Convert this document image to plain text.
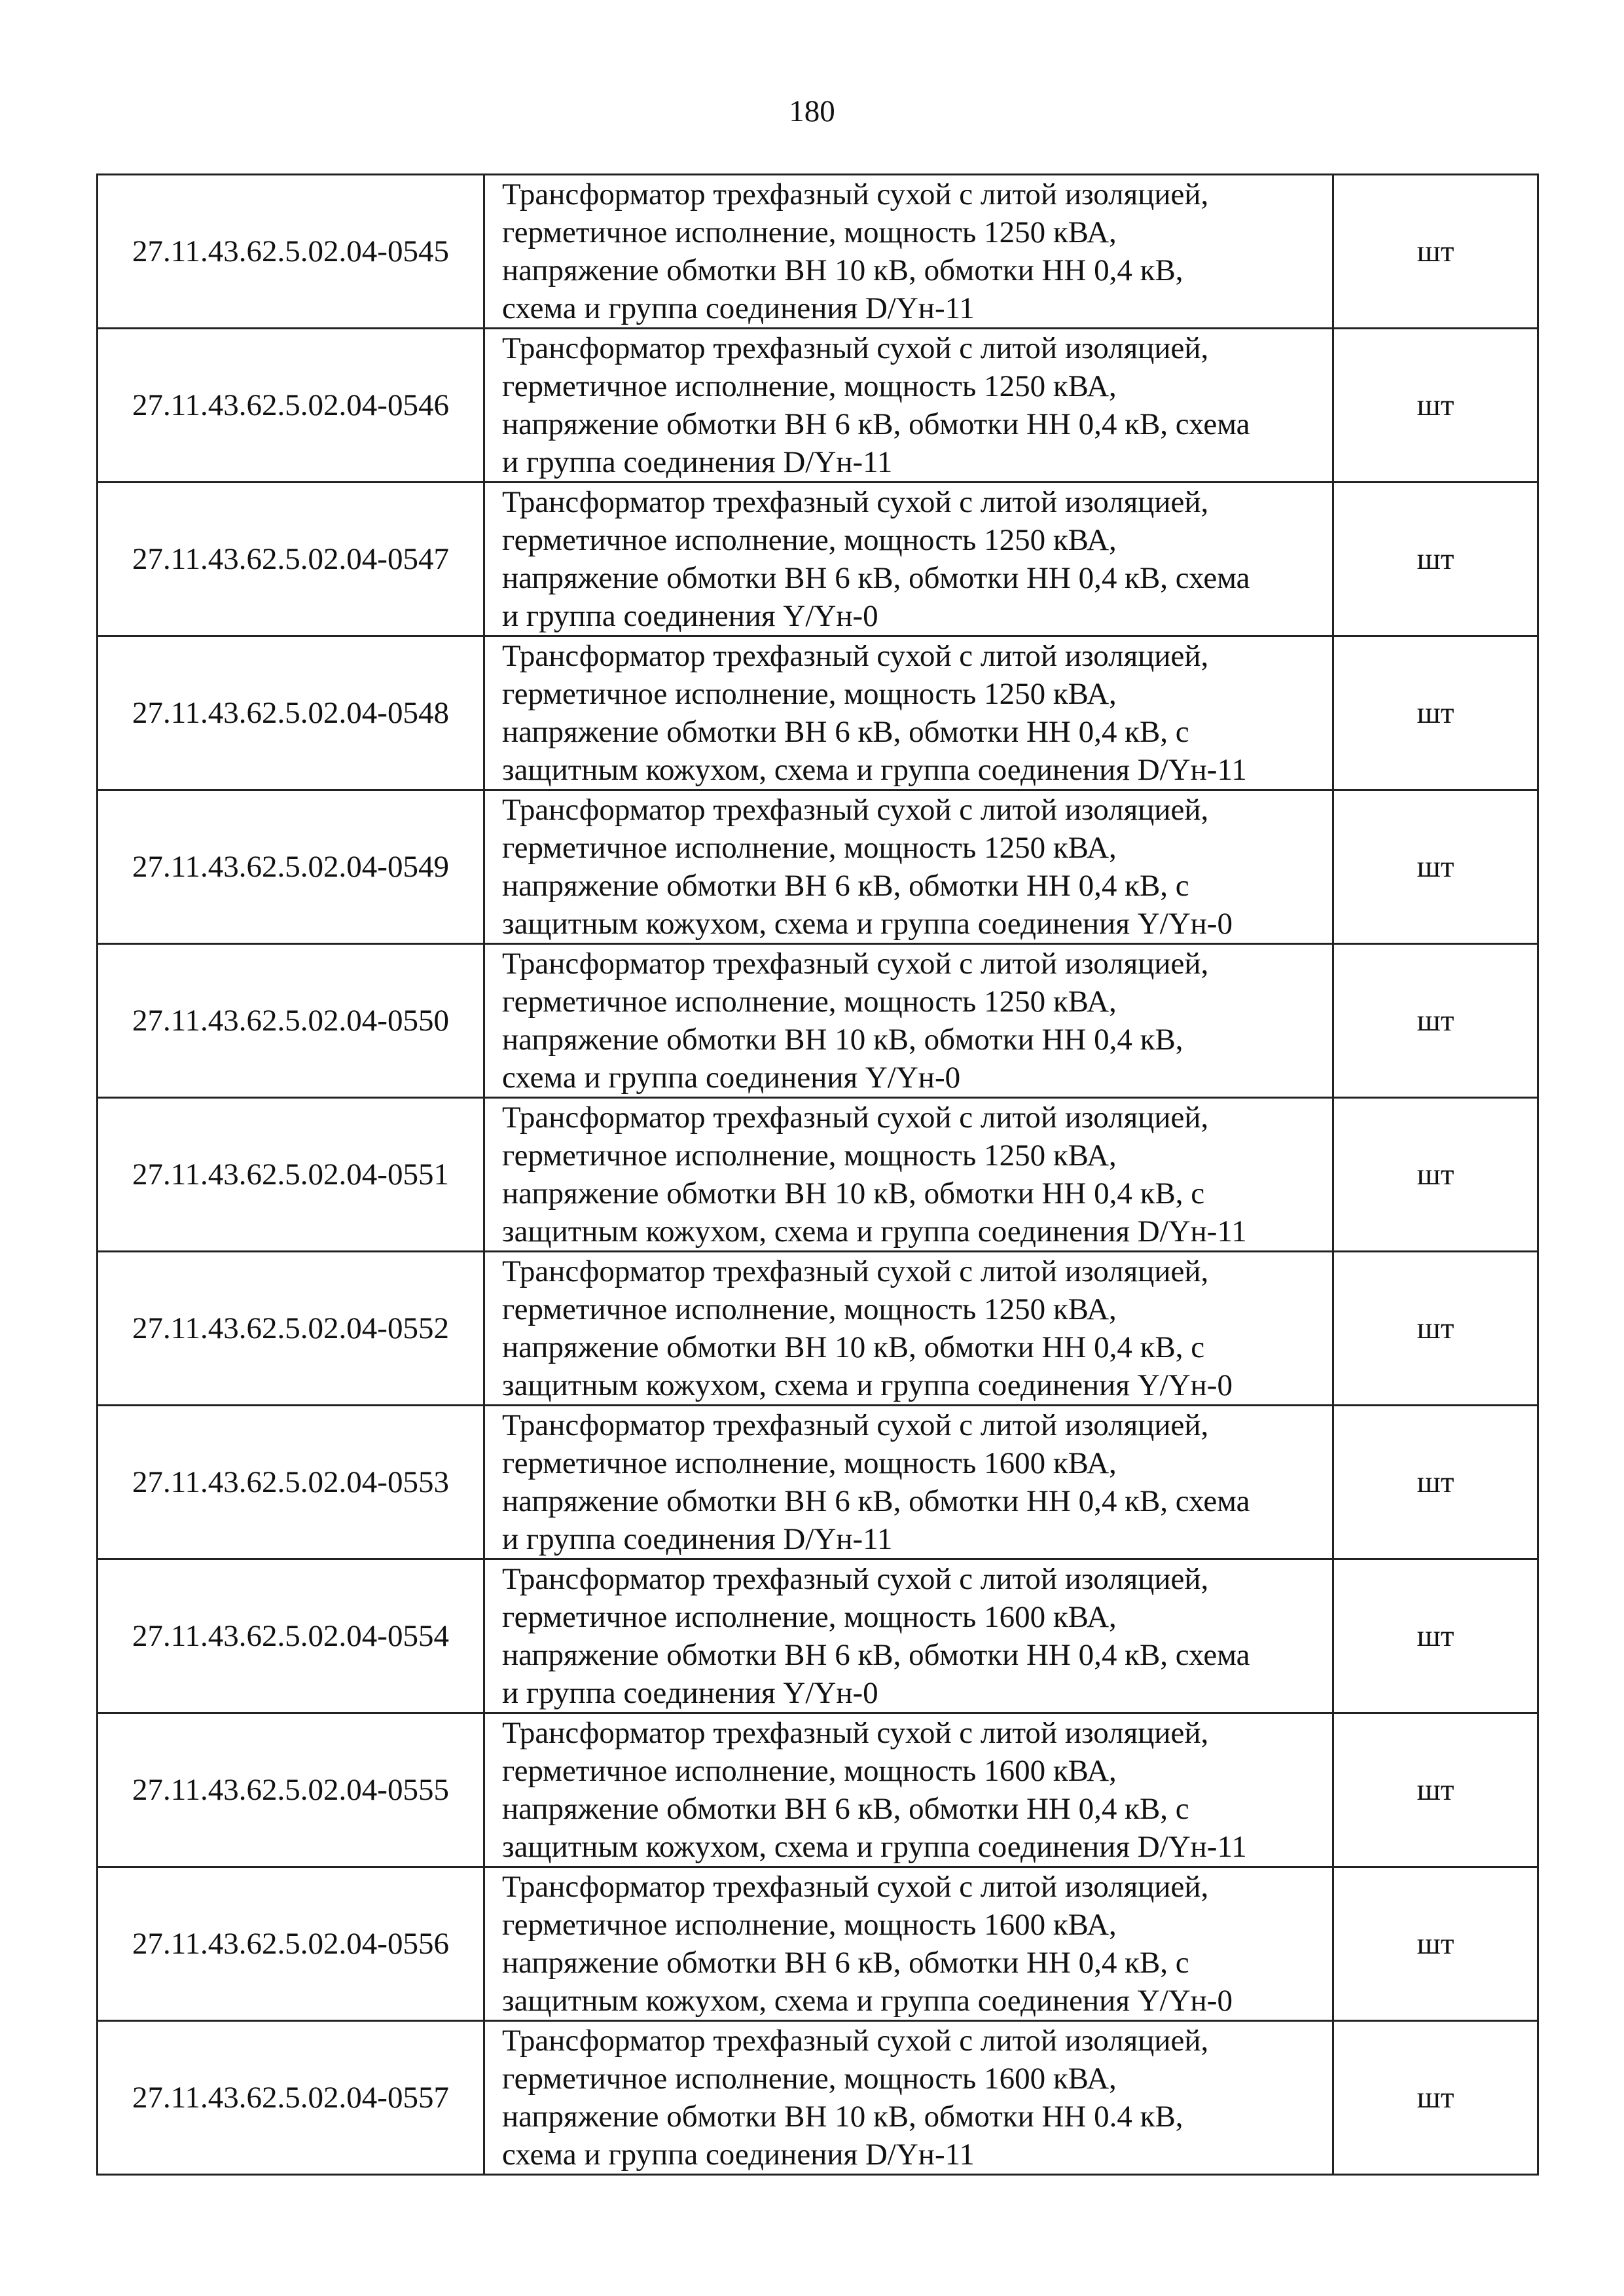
180
27.11.43.62.5.02.04-0545	Трансформатор трехфазный сухой с литой изоляцией,
герметичное исполнение, мощность 1250 кВА,
напряжение обмотки ВН 10 кВ, обмотки НН 0,4 кВ,
схема и группа соединения D/Yн-11	шт
27.11.43.62.5.02.04-0546	Трансформатор трехфазный сухой с литой изоляцией,
герметичное исполнение, мощность 1250 кВА,
напряжение обмотки ВН 6 кВ, обмотки НН 0,4 кВ, схема
и группа соединения D/Yн-11	шт
27.11.43.62.5.02.04-0547	Трансформатор трехфазный сухой с литой изоляцией,
герметичное исполнение, мощность 1250 кВА,
напряжение обмотки ВН 6 кВ, обмотки НН 0,4 кВ, схема
и группа соединения Y/Yн-0	шт
27.11.43.62.5.02.04-0548	Трансформатор трехфазный сухой с литой изоляцией,
герметичное исполнение, мощность 1250 кВА,
напряжение обмотки ВН 6 кВ, обмотки НН 0,4 кВ, с
защитным кожухом, схема и группа соединения D/Yн-11	шт
27.11.43.62.5.02.04-0549	Трансформатор трехфазный сухой с литой изоляцией,
герметичное исполнение, мощность 1250 кВА,
напряжение обмотки ВН 6 кВ, обмотки НН 0,4 кВ, с
защитным кожухом, схема и группа соединения Y/Yн-0	шт
27.11.43.62.5.02.04-0550	Трансформатор трехфазный сухой с литой изоляцией,
герметичное исполнение, мощность 1250 кВА,
напряжение обмотки ВН 10 кВ, обмотки НН 0,4 кВ,
схема и группа соединения Y/Yн-0	шт
27.11.43.62.5.02.04-0551	Трансформатор трехфазный сухой с литой изоляцией,
герметичное исполнение, мощность 1250 кВА,
напряжение обмотки ВН 10 кВ, обмотки НН 0,4 кВ, с
защитным кожухом, схема и группа соединения D/Yн-11	шт
27.11.43.62.5.02.04-0552	Трансформатор трехфазный сухой с литой изоляцией,
герметичное исполнение, мощность 1250 кВА,
напряжение обмотки ВН 10 кВ, обмотки НН 0,4 кВ, с
защитным кожухом, схема и группа соединения Y/Yн-0	шт
27.11.43.62.5.02.04-0553	Трансформатор трехфазный сухой с литой изоляцией,
герметичное исполнение, мощность 1600 кВА,
напряжение обмотки ВН 6 кВ, обмотки НН 0,4 кВ, схема
и группа соединения D/Yн-11	шт
27.11.43.62.5.02.04-0554	Трансформатор трехфазный сухой с литой изоляцией,
герметичное исполнение, мощность 1600 кВА,
напряжение обмотки ВН 6 кВ, обмотки НН 0,4 кВ, схема
и группа соединения Y/Yн-0	шт
27.11.43.62.5.02.04-0555	Трансформатор трехфазный сухой с литой изоляцией,
герметичное исполнение, мощность 1600 кВА,
напряжение обмотки ВН 6 кВ, обмотки НН 0,4 кВ, с
защитным кожухом, схема и группа соединения D/Yн-11	шт
27.11.43.62.5.02.04-0556	Трансформатор трехфазный сухой с литой изоляцией,
герметичное исполнение, мощность 1600 кВА,
напряжение обмотки ВН 6 кВ, обмотки НН 0,4 кВ, с
защитным кожухом, схема и группа соединения Y/Yн-0	шт
27.11.43.62.5.02.04-0557	Трансформатор трехфазный сухой с литой изоляцией,
герметичное исполнение, мощность 1600 кВА,
напряжение обмотки ВН 10 кВ, обмотки НН 0.4 кВ,
схема и группа соединения D/Yн-11	шт
